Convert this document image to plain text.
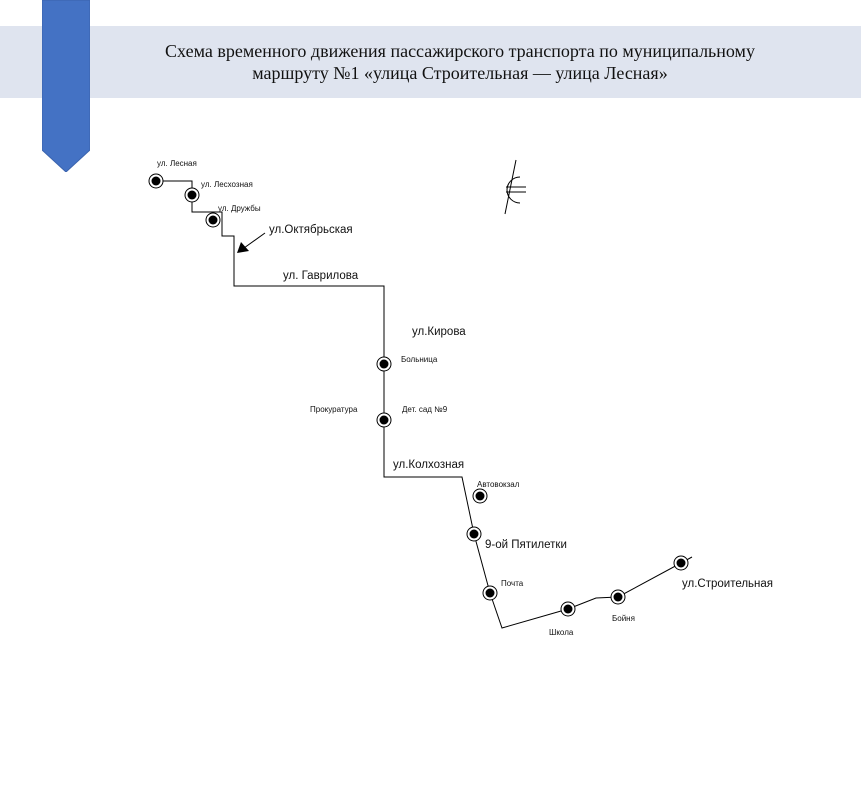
Схема временного движения пассажирского транспорта по муниципальному
маршруту №1 «улица Строительная — улица Лесная»
ул. Лесная
ул. Лесхозная
ул. Дружбы
Больница
Прокуратура	Дет. сад №9
Автовокзал
Почта
Школа
Бойня
9-ой Пятилетки
ул.Строительная
ул.Октябрьская
ул. Гаврилова
ул.Кирова
ул.Колхозная
